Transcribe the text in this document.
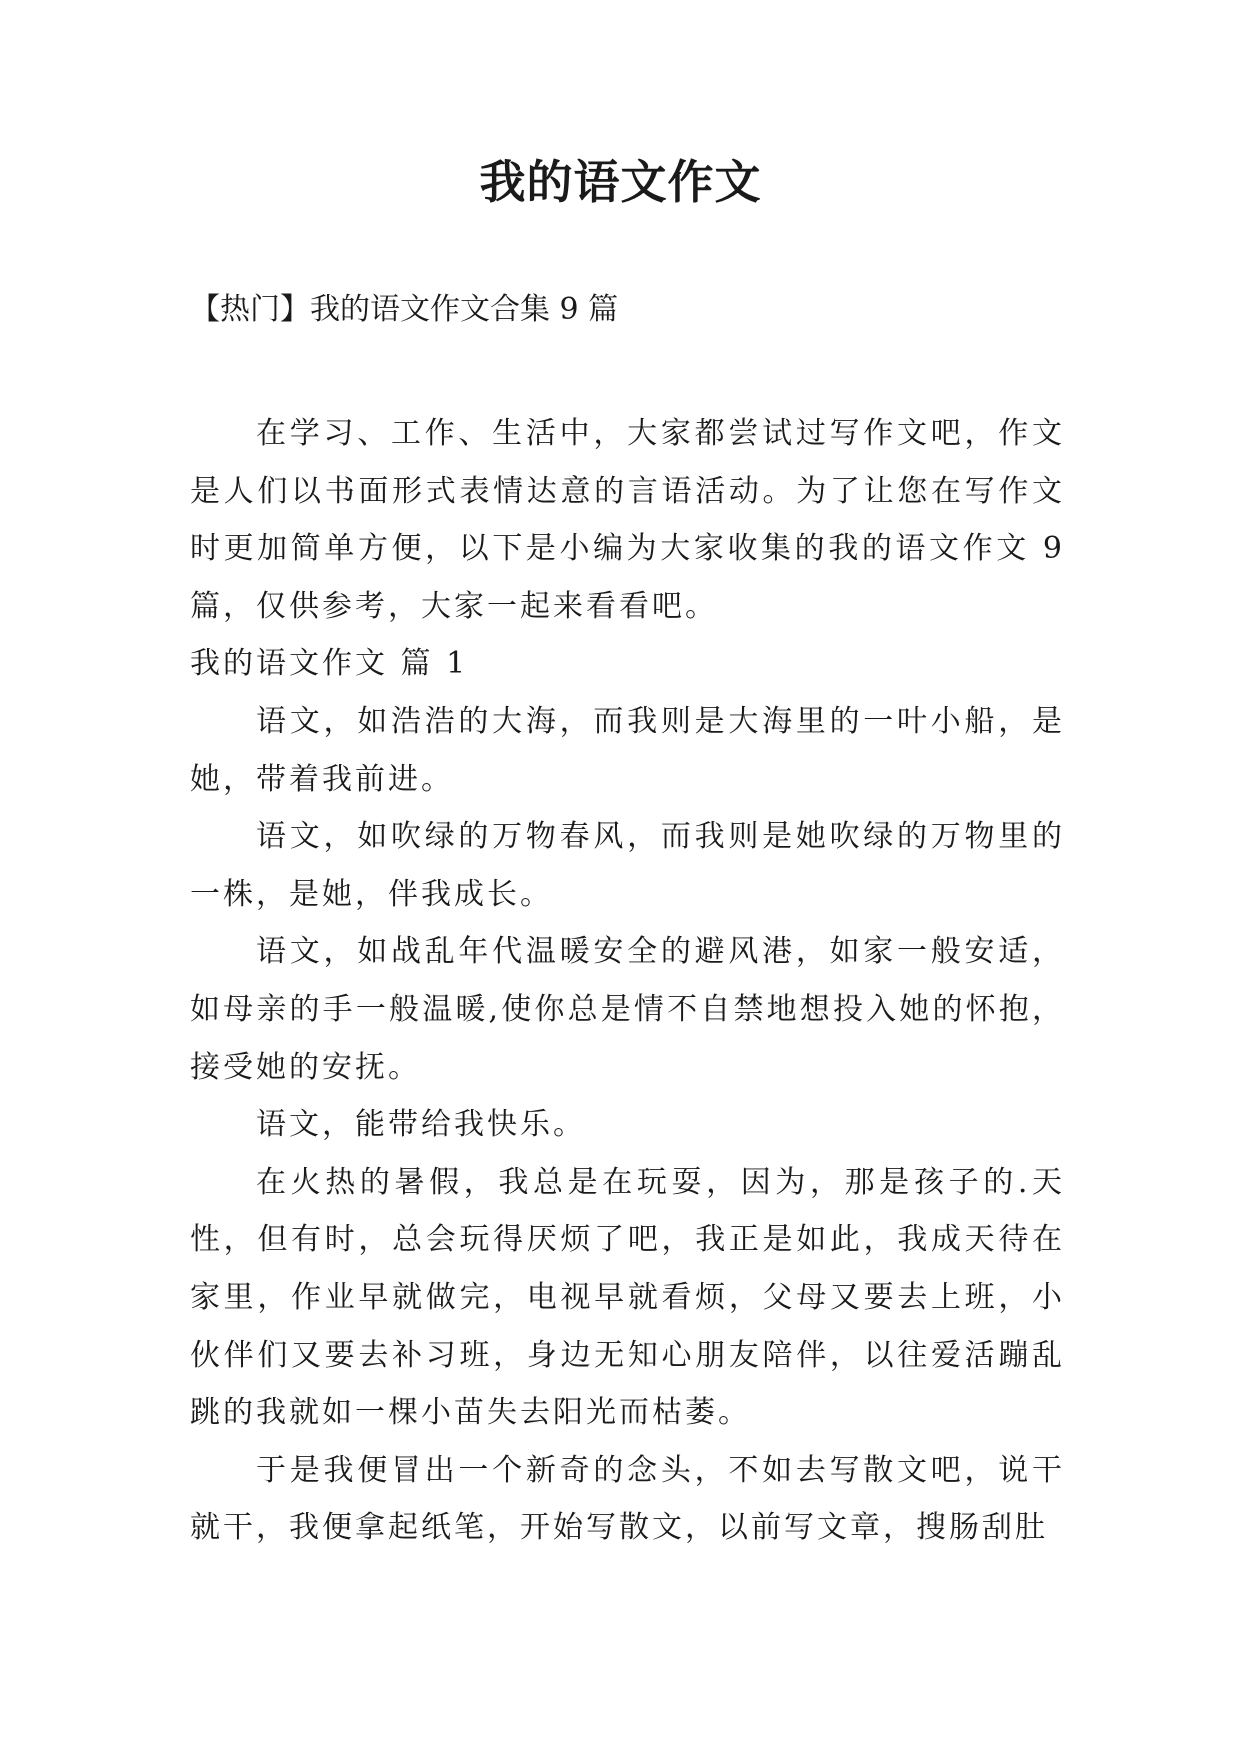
我的语文作文

【热门】我的语文作文合集 9 篇

在学习、工作、生活中，大家都尝试过写作文吧，作文是人们以书面形式表情达意的言语活动。为了让您在写作文时更加简单方便，以下是小编为大家收集的我的语文作文 9 篇，仅供参考，大家一起来看看吧。

我的语文作文 篇 1

语文，如浩浩的大海，而我则是大海里的一叶小船，是她，带着我前进。

语文，如吹绿的万物春风，而我则是她吹绿的万物里的一株，是她，伴我成长。

语文，如战乱年代温暖安全的避风港，如家一般安适，如母亲的手一般温暖,使你总是情不自禁地想投入她的怀抱，接受她的安抚。

语文，能带给我快乐。

在火热的暑假，我总是在玩耍，因为，那是孩子的.天性，但有时，总会玩得厌烦了吧，我正是如此，我成天待在家里，作业早就做完，电视早就看烦，父母又要去上班，小伙伴们又要去补习班，身边无知心朋友陪伴，以往爱活蹦乱跳的我就如一棵小苗失去阳光而枯萎。

于是我便冒出一个新奇的念头，不如去写散文吧，说干就干，我便拿起纸笔，开始写散文，以前写文章，搜肠刮肚
